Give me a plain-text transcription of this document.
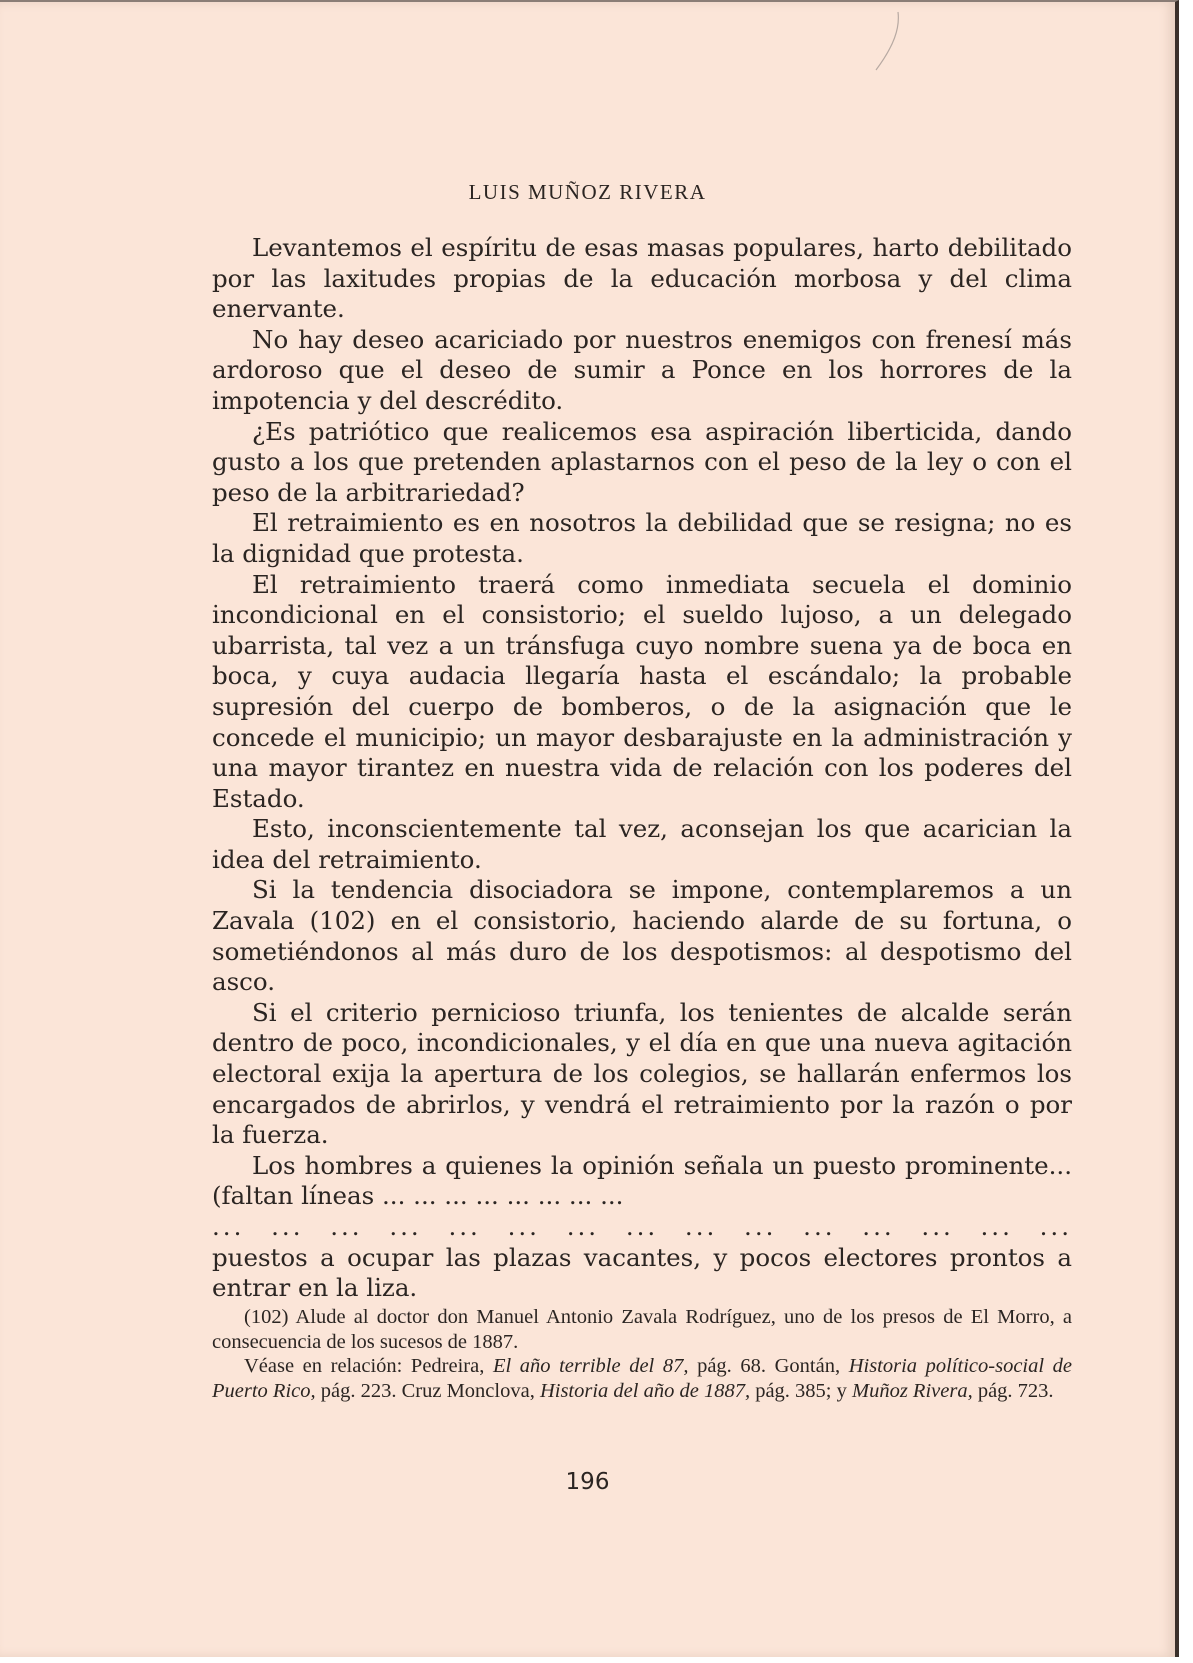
LUIS MUÑOZ RIVERA

Levantemos el espíritu de esas masas populares, harto debilitado por las laxitudes propias de la educación morbosa y del clima enervante.

No hay deseo acariciado por nuestros enemigos con frenesí más ardoroso que el deseo de sumir a Ponce en los horrores de la impotencia y del descrédito.

¿Es patriótico que realicemos esa aspiración liberticida, dando gusto a los que pretenden aplastarnos con el peso de la ley o con el peso de la arbitrariedad?

El retraimiento es en nosotros la debilidad que se resigna; no es la dignidad que protesta.

El retraimiento traerá como inmediata secuela el dominio incondicional en el consistorio; el sueldo lujoso, a un delegado ubarrista, tal vez a un tránsfuga cuyo nombre suena ya de boca en boca, y cuya audacia llegaría hasta el escándalo; la probable supresión del cuerpo de bomberos, o de la asignación que le concede el municipio; un mayor desbarajuste en la administración y una mayor tirantez en nuestra vida de relación con los poderes del Estado.

Esto, inconscientemente tal vez, aconsejan los que acarician la idea del retraimiento.

Si la tendencia disociadora se impone, contemplaremos a un Zavala (102) en el consistorio, haciendo alarde de su fortuna, o sometiéndonos al más duro de los despotismos: al despotismo del asco.

Si el criterio pernicioso triunfa, los tenientes de alcalde serán dentro de poco, incondicionales, y el día en que una nueva agitación electoral exija la apertura de los colegios, se hallarán enfermos los encargados de abrirlos, y vendrá el retraimiento por la razón o por la fuerza.

Los hombres a quienes la opinión señala un puesto prominente... (faltan líneas ... ... ... ... ... ... ... ...

... ... ... ... ... ... ... ... ... ... ... ... ... ... ...

puestos a ocupar las plazas vacantes, y pocos electores prontos a entrar en la liza.

(102) Alude al doctor don Manuel Antonio Zavala Rodríguez, uno de los presos de El Morro, a consecuencia de los sucesos de 1887.

Véase en relación: Pedreira, El año terrible del 87, pág. 68. Gontán, Historia político-social de Puerto Rico, pág. 223. Cruz Monclova, Historia del año de 1887, pág. 385; y Muñoz Rivera, pág. 723.

196
